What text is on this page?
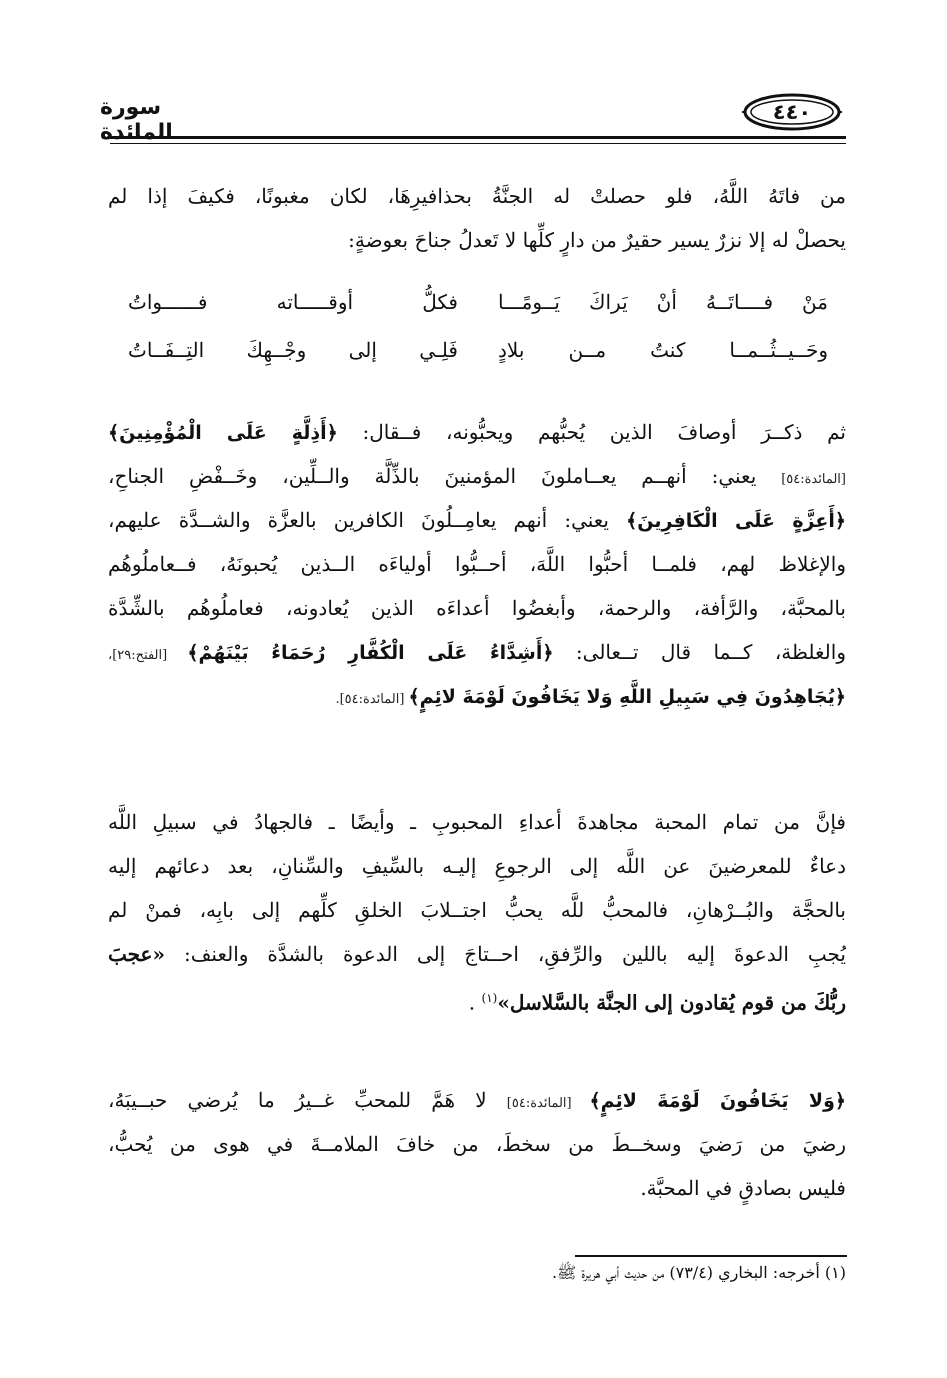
٤٤٠
سورة المائدة
من فاتَهُ اللَّهُ، فلو حصلتْ له الجنَّةُ بحذافيرِهَا، لكان مغبونًا، فكيفَ إذا لم
يحصلْ له إلا نزرٌ يسير حقيرٌ من دارٍ كلِّها لا تَعدلُ جناحَ بعوضةٍ:
مَنْ فــــاتَــهُ أنْ يَراكَ يَــومًـــا
فكلُّ أوقـــــاته فــــــواتُ
وحَــيــثُــمــا كنتُ مــن بلادٍ
فَلِـي إلى وجْــهِكَ التِــفَــاتُ
ثم ذكــرَ أوصافَ الذين يُحبُّهم ويحبُّونه، فــقال: ﴿أَذِلَّةٍ عَلَى الْمُؤْمِنِينَ﴾
[المائدة:٥٤] يعني: أنهــم يعــاملونَ المؤمنينَ بالذِّلَّة والــلِّين، وخَــفْضِ الجناحِ،
﴿أَعِزَّةٍ عَلَى الْكَافِرِينَ﴾ يعني: أنهم يعامِــلُونَ الكافرين بالعزَّة والشــدَّة عليهم،
والإغلاظ لهم، فلمــا أحبُّوا اللَّهَ، أحــبُّوا أولياءَه الــذين يُحبونَهُ، فــعاملُوهُم
بالمحبَّة، والرَّأفة، والرحمة، وأبغضُوا أعداءَه الذين يُعادونه، فعاملُوهُم بالشِّدَّة
والغلظة، كــما قال تــعالى: ﴿أَشِدَّاءُ عَلَى الْكُفَّارِ رُحَمَاءُ بَيْنَهُمْ﴾ [الفتح:٢٩]،
﴿يُجَاهِدُونَ فِي سَبِيلِ اللَّهِ وَلا يَخَافُونَ لَوْمَةَ لائِمٍ﴾ [المائدة:٥٤].
فإنَّ من تمام المحبة مجاهدةَ أعداءِ المحبوبِ ـ وأيضًا ـ فالجهادُ في سبيلِ اللَّه
دعاءٌ للمعرضينَ عن اللَّه إلى الرجوعِ إليـه بالسِّيفِ والسِّنانِ، بعد دعائهم إليه
بالحجَّة والبُــرْهانِ، فالمحبُّ للَّه يحبُّ اجتــلابَ الخلقِ كلِّهم إلى بابِه، فمنْ لم
يُجبِ الدعوةَ إليه باللين والرِّفقِ، احــتاجَ إلى الدعوة بالشدَّة والعنف: «عجبَ
ربُّكَ من قوم يُقادون إلى الجنَّة بالسَّلاسل»$^{(١)}$ .
﴿وَلا يَخَافُونَ لَوْمَةَ لائِمٍ﴾ [المائدة:٥٤] لا هَمَّ للمحبِّ غــيرُ ما يُرضي حبــيبَهُ،
رضيَ من رَضيَ وسخــطَ من سخطَ، من خافَ الملامــةَ في هوى من يُحبُّ،
فليس بصادقٍ في المحبَّة.
(١) أخرجه: البخاري (٧٣/٤) من حديث أبي هريرة ﷺ.
